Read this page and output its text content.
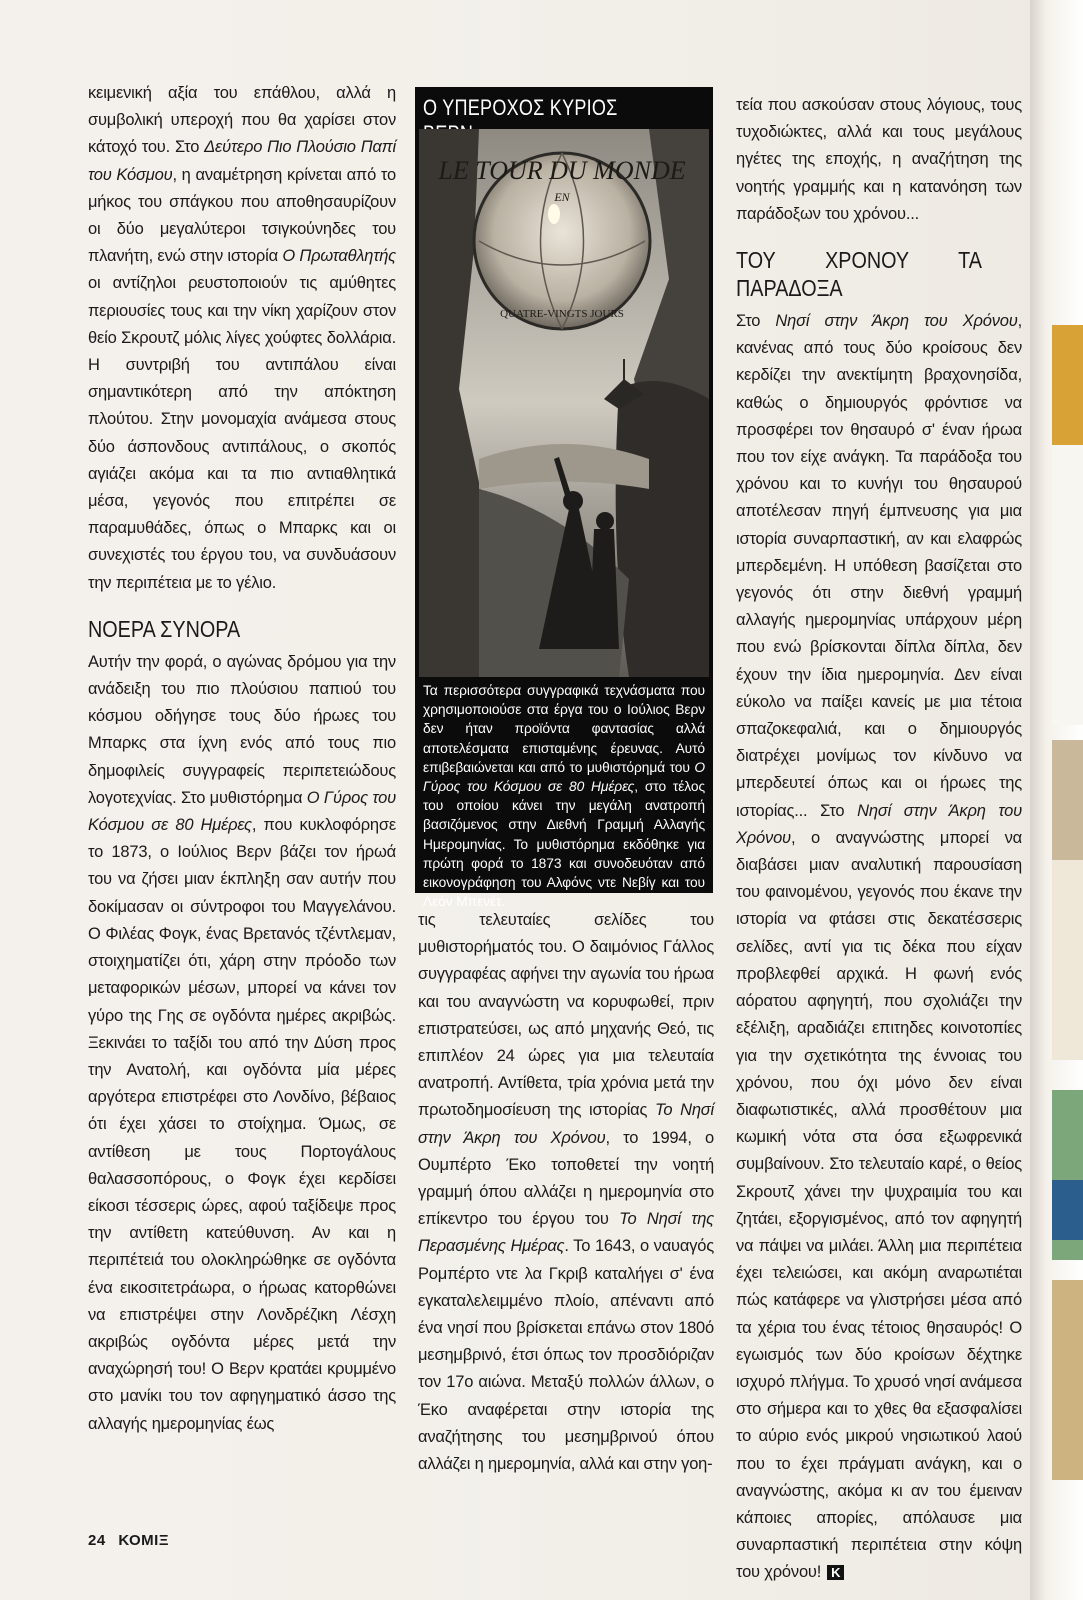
κειμενική αξία του επάθλου, αλλά η συμβολική υπεροχή που θα χαρίσει στον κάτοχό του. Στο Δεύτερο Πιο Πλούσιο Παπί του Κόσμου, η αναμέτρηση κρίνεται από το μήκος του σπάγκου που αποθησαυρίζουν οι δύο μεγαλύτεροι τσιγκούνηδες του πλανήτη, ενώ στην ιστορία Ο Πρωταθλητής οι αντίζηλοι ρευστοποιούν τις αμύθητες περιουσίες τους και την νίκη χαρίζουν στον θείο Σκρουτζ μόλις λίγες χούφτες δολλάρια. Η συντριβή του αντιπάλου είναι σημαντικότερη από την απόκτηση πλούτου. Στην μονομαχία ανάμεσα στους δύο άσπονδους αντιπάλους, ο σκοπός αγιάζει ακόμα και τα πιο αντιαθλητικά μέσα, γεγονός που επιτρέπει σε παραμυθάδες, όπως ο Μπαρκς και οι συνεχιστές του έργου του, να συνδυάσουν την περιπέτεια με το γέλιο.

ΝΟΕΡΑ ΣΥΝΟΡΑ

Αυτήν την φορά, ο αγώνας δρόμου για την ανάδειξη του πιο πλούσιου παπιού του κόσμου οδήγησε τους δύο ήρωες του Μπαρκς στα ίχνη ενός από τους πιο δημοφιλείς συγγραφείς περιπετειώδους λογοτεχνίας. Στο μυθιστόρημα Ο Γύρος του Κόσμου σε 80 Ημέρες, που κυκλοφόρησε το 1873, ο Ιούλιος Βερν βάζει τον ήρωά του να ζήσει μιαν έκπληξη σαν αυτήν που δοκίμασαν οι σύντροφοι του Μαγγελάνου. Ο Φιλέας Φογκ, ένας Βρετανός τζέντλεμαν, στοιχηματίζει ότι, χάρη στην πρόοδο των μεταφορικών μέσων, μπορεί να κάνει τον γύρο της Γης σε ογδόντα ημέρες ακριβώς. Ξεκινάει το ταξίδι του από την Δύση προς την Ανατολή, και ογδόντα μία μέρες αργότερα επιστρέφει στο Λονδίνο, βέβαιος ότι έχει χάσει το στοίχημα. Όμως, σε αντίθεση με τους Πορτογάλους θαλασσοπόρους, ο Φογκ έχει κερδίσει είκοσι τέσσερις ώρες, αφού ταξίδεψε προς την αντίθετη κατεύθυνση. Αν και η περιπέτειά του ολοκληρώθηκε σε ογδόντα ένα εικοσιτετράωρα, ο ήρωας κατορθώνει να επιστρέψει στην Λονδρέζικη Λέσχη ακριβώς ογδόντα μέρες μετά την αναχώρησή του! Ο Βερν κρατάει κρυμμένο στο μανίκι του τον αφηγηματικό άσσο της αλλαγής ημερομηνίας έως

Ο ΥΠΕΡΟΧΟΣ ΚΥΡΙΟΣ
LE TOUR DU MONDE
EN
QUATRE-VINGTS JOURS
Τα περισσότερα συγγραφικά τεχνάσματα που χρησιμοποιούσε στα έργα του ο Ιούλιος Βερν δεν ήταν προϊόντα φαντασίας αλλά αποτελέσματα επισταμένης έρευνας. Αυτό επιβεβαιώνεται και από το μυθιστόρημά του Ο Γύρος του Κόσμου σε 80 Ημέρες, στο τέλος του οποίου κάνει την μεγάλη ανατροπή βασιζόμενος στην Διεθνή Γραμμή Αλλαγής Ημερομηνίας. Το μυθιστόρημα εκδόθηκε για πρώτη φορά το 1873 και συνοδευόταν από εικονογράφηση του Αλφόνς ντε Νεβίγ και του Λεόν Μπενέτ.

τις τελευταίες σελίδες του μυθιστορήματός του. Ο δαιμόνιος Γάλλος συγγραφέας αφήνει την αγωνία του ήρωα και του αναγνώστη να κορυφωθεί, πριν επιστρατεύσει, ως από μηχανής Θεό, τις επιπλέον 24 ώρες για μια τελευταία ανατροπή. Αντίθετα, τρία χρόνια μετά την πρωτοδημοσίευση της ιστορίας Το Νησί στην Άκρη του Χρόνου, το 1994, ο Ουμπέρτο Έκο τοποθετεί την νοητή γραμμή όπου αλλάζει η ημερομηνία στο επίκεντρο του έργου του Το Νησί της Περασμένης Ημέρας. Το 1643, ο ναυαγός Ρομπέρτο ντε λα Γκριβ καταλήγει σ' ένα εγκαταλελειμμένο πλοίο, απέναντι από ένα νησί που βρίσκεται επάνω στον 180ό μεσημβρινό, έτσι όπως τον προσδιόριζαν τον 17ο αιώνα. Μεταξύ πολλών άλλων, ο Έκο αναφέρεται στην ιστορία της αναζήτησης του μεσημβρινού όπου αλλάζει η ημερομηνία, αλλά και στην γοη-

τεία που ασκούσαν στους λόγιους, τους τυχοδιώκτες, αλλά και τους μεγάλους ηγέτες της εποχής, η αναζήτηση της νοητής γραμμής και η κατανόηση των παράδοξων του χρόνου...

ΤΟΥ ΧΡΟΝΟΥ ΤΑ ΠΑΡΑΔΟΞΑ

Στο Νησί στην Άκρη του Χρόνου, κανένας από τους δύο κροίσους δεν κερδίζει την ανεκτίμητη βραχονησίδα, καθώς ο δημιουργός φρόντισε να προσφέρει τον θησαυρό σ' έναν ήρωα που τον είχε ανάγκη. Τα παράδοξα του χρόνου και το κυνήγι του θησαυρού αποτέλεσαν πηγή έμπνευσης για μια ιστορία συναρπαστική, αν και ελαφρώς μπερδεμένη. Η υπόθεση βασίζεται στο γεγονός ότι στην διεθνή γραμμή αλλαγής ημερομηνίας υπάρχουν μέρη που ενώ βρίσκονται δίπλα δίπλα, δεν έχουν την ίδια ημερομηνία. Δεν είναι εύκολο να παίξει κανείς με μια τέτοια σπαζοκεφαλιά, και ο δημιουργός διατρέχει μονίμως τον κίνδυνο να μπερδευτεί όπως και οι ήρωες της ιστορίας... Στο Νησί στην Άκρη του Χρόνου, ο αναγνώστης μπορεί να διαβάσει μιαν αναλυτική παρουσίαση του φαινομένου, γεγονός που έκανε την ιστορία να φτάσει στις δεκατέσσερις σελίδες, αντί για τις δέκα που είχαν προβλεφθεί αρχικά. Η φωνή ενός αόρατου αφηγητή, που σχολιάζει την εξέλιξη, αραδιάζει επιτηδες κοινοτοπίες για την σχετικότητα της έννοιας του χρόνου, που όχι μόνο δεν είναι διαφωτιστικές, αλλά προσθέτουν μια κωμική νότα στα όσα εξωφρενικά συμβαίνουν. Στο τελευταίο καρέ, ο θείος Σκρουτζ χάνει την ψυχραιμία του και ζητάει, εξοργισμένος, από τον αφηγητή να πάψει να μιλάει. Άλλη μια περιπέτεια έχει τελειώσει, και ακόμη αναρωτιέται πώς κατάφερε να γλιστρήσει μέσα από τα χέρια του ένας τέτοιος θησαυρός! Ο εγωισμός των δύο κροίσων δέχτηκε ισχυρό πλήγμα. Το χρυσό νησί ανάμεσα στο σήμερα και το χθες θα εξασφαλίσει το αύριο ενός μικρού νησιωτικού λαού που το έχει πράγματι ανάγκη, και ο αναγνώστης, ακόμα κι αν του έμειναν κάποιες απορίες, απόλαυσε μια συναρπαστική περιπέτεια στην κόψη του χρόνου! K

24 ΚΟΜΙΞ
